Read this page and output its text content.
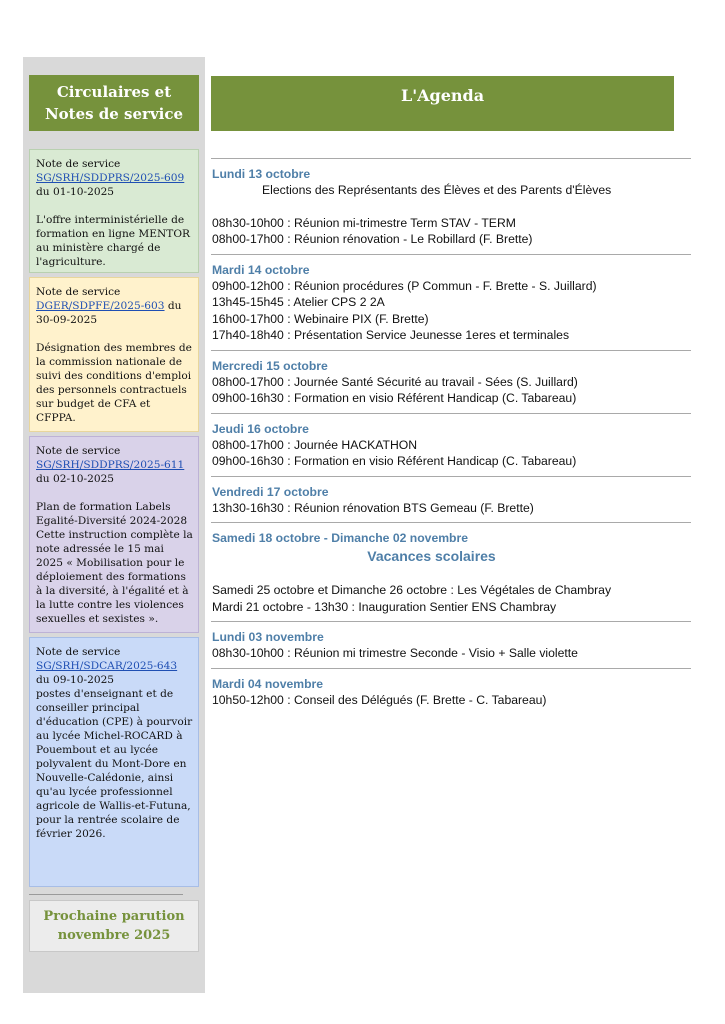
Circulaires et
Notes de service

Note de service
SG/SRH/SDDPRS/2025-609 du 01-10-2025

L'offre interministérielle de formation en ligne MENTOR au ministère chargé de l'agriculture.

Note de service
DGER/SDPFE/2025-603 du 30-09-2025

Désignation des membres de la commission nationale de suivi des conditions d'emploi des personnels contractuels sur budget de CFA et CFPPA.

Note de service
SG/SRH/SDDPRS/2025-611
du 02-10-2025

Plan de formation Labels Egalité-Diversité 2024-2028 Cette instruction complète la note adressée le 15 mai 2025 « Mobilisation pour le déploiement des formations à la diversité, à l'égalité et à la lutte contre les violences sexuelles et sexistes ».

Note de service
SG/SRH/SDCAR/2025-643
du 09-10-2025

postes d'enseignant et de conseiller principal d'éducation (CPE) à pourvoir au lycée Michel-ROCARD à Pouembout et au lycée polyvalent du Mont-Dore en Nouvelle-Calédonie, ainsi qu'au lycée professionnel agricole de Wallis-et-Futuna, pour la rentrée scolaire de février 2026.

Prochaine parution
novembre 2025
L'Agenda
Lundi 13 octobre
Elections des Représentants des Élèves et des Parents d'Élèves
08h30-10h00 : Réunion mi-trimestre Term STAV - TERM
08h00-17h00 : Réunion rénovation - Le Robillard (F. Brette)
Mardi 14 octobre
09h00-12h00 : Réunion procédures (P Commun - F. Brette - S. Juillard)
13h45-15h45 : Atelier CPS 2 2A
16h00-17h00 : Webinaire PIX (F. Brette)
17h40-18h40 : Présentation Service Jeunesse 1eres et terminales
Mercredi 15 octobre
08h00-17h00 : Journée Santé Sécurité au travail - Sées (S. Juillard)
09h00-16h30 : Formation en visio Référent Handicap (C. Tabareau)
Jeudi 16 octobre
08h00-17h00 : Journée HACKATHON
09h00-16h30 : Formation en visio Référent Handicap (C. Tabareau)
Vendredi 17 octobre
13h30-16h30 : Réunion rénovation BTS Gemeau (F. Brette)
Samedi 18 octobre - Dimanche 02 novembre
Vacances scolaires
Samedi 25 octobre et Dimanche 26 octobre : Les Végétales de Chambray
Mardi 21 octobre - 13h30 : Inauguration Sentier ENS Chambray
Lundi 03 novembre
08h30-10h00 : Réunion mi trimestre Seconde - Visio + Salle violette
Mardi 04 novembre
10h50-12h00 : Conseil des Délégués (F. Brette - C. Tabareau)
